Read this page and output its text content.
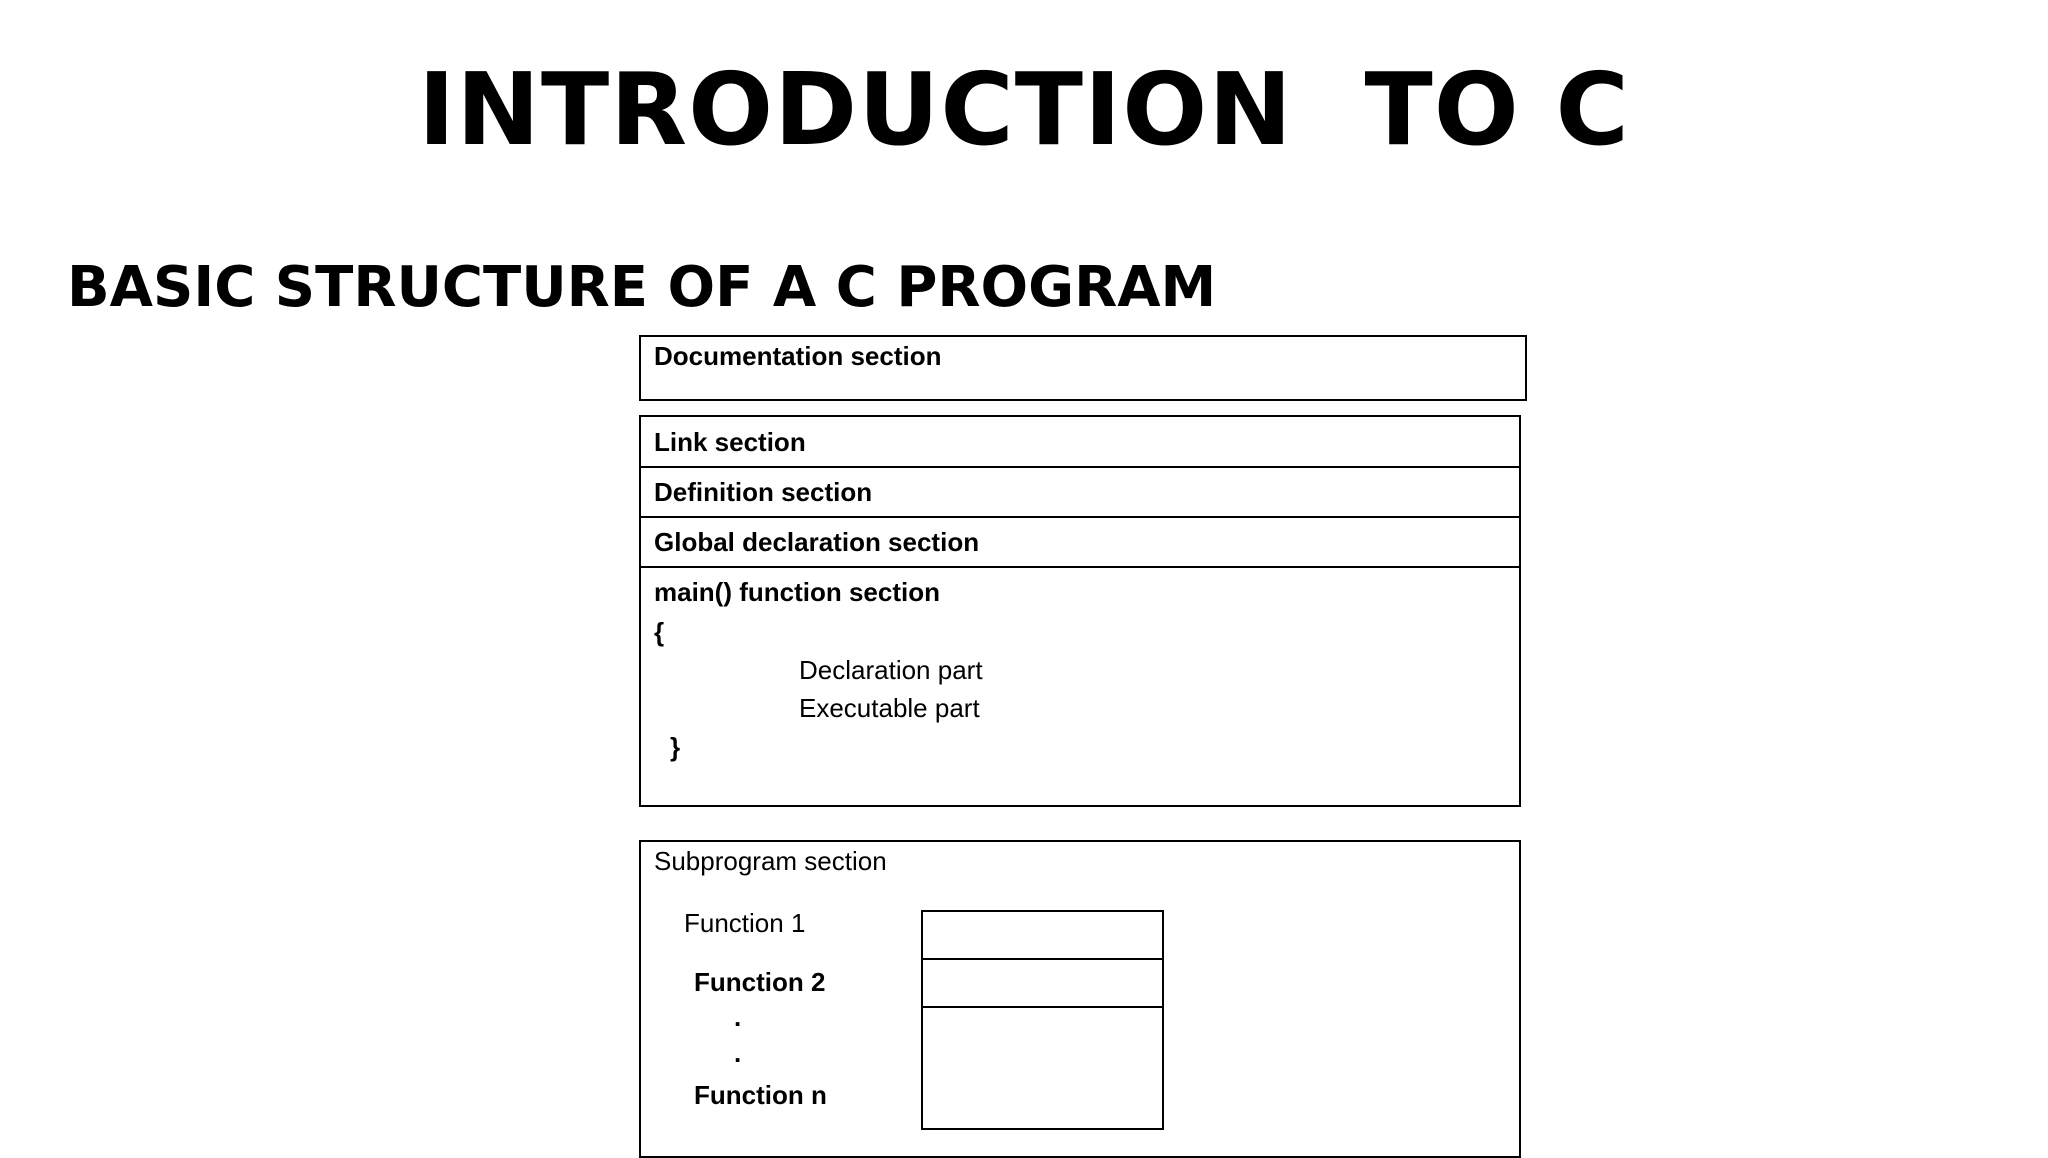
INTRODUCTION  TO C
BASIC STRUCTURE OF A C PROGRAM
Documentation section
Link section
Definition section
Global declaration section
main() function section
{
Declaration part
Executable part
}
Subprogram section
Function 1
Function 2
.
.
Function n
